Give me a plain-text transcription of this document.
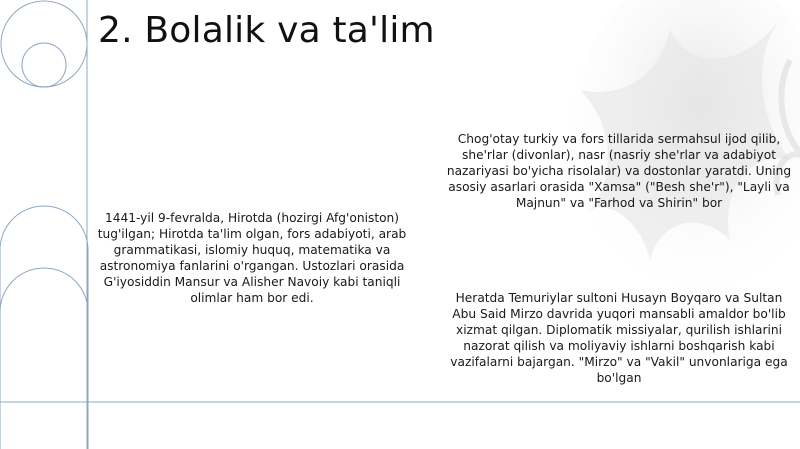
2. Bolalik va ta'lim
1441-yil 9-fevralda, Hirotda (hozirgi Afg'oniston) tug'ilgan; Hirotda ta'lim olgan, fors adabiyoti, arab grammatikasi, islomiy huquq, matematika va astronomiya fanlarini o'rgangan. Ustozlari orasida G'iyosiddin Mansur va Alisher Navoiy kabi taniqli olimlar ham bor edi.
Chog'otay turkiy va fors tillarida sermahsul ijod qilib, she'rlar (divonlar), nasr (nasriy she'rlar va adabiyot nazariyasi bo'yicha risolalar) va dostonlar yaratdi. Uning asosiy asarlari orasida "Xamsa" ("Besh she'r"), "Layli va Majnun" va "Farhod va Shirin" bor
Heratda Temuriylar sultoni Husayn Boyqaro va Sultan Abu Said Mirzo davrida yuqori mansabli amaldor bo'lib xizmat qilgan. Diplomatik missiyalar, qurilish ishlarini nazorat qilish va moliyaviy ishlarni boshqarish kabi vazifalarni bajargan. "Mirzo" va "Vakil" unvonlariga ega bo'lgan
